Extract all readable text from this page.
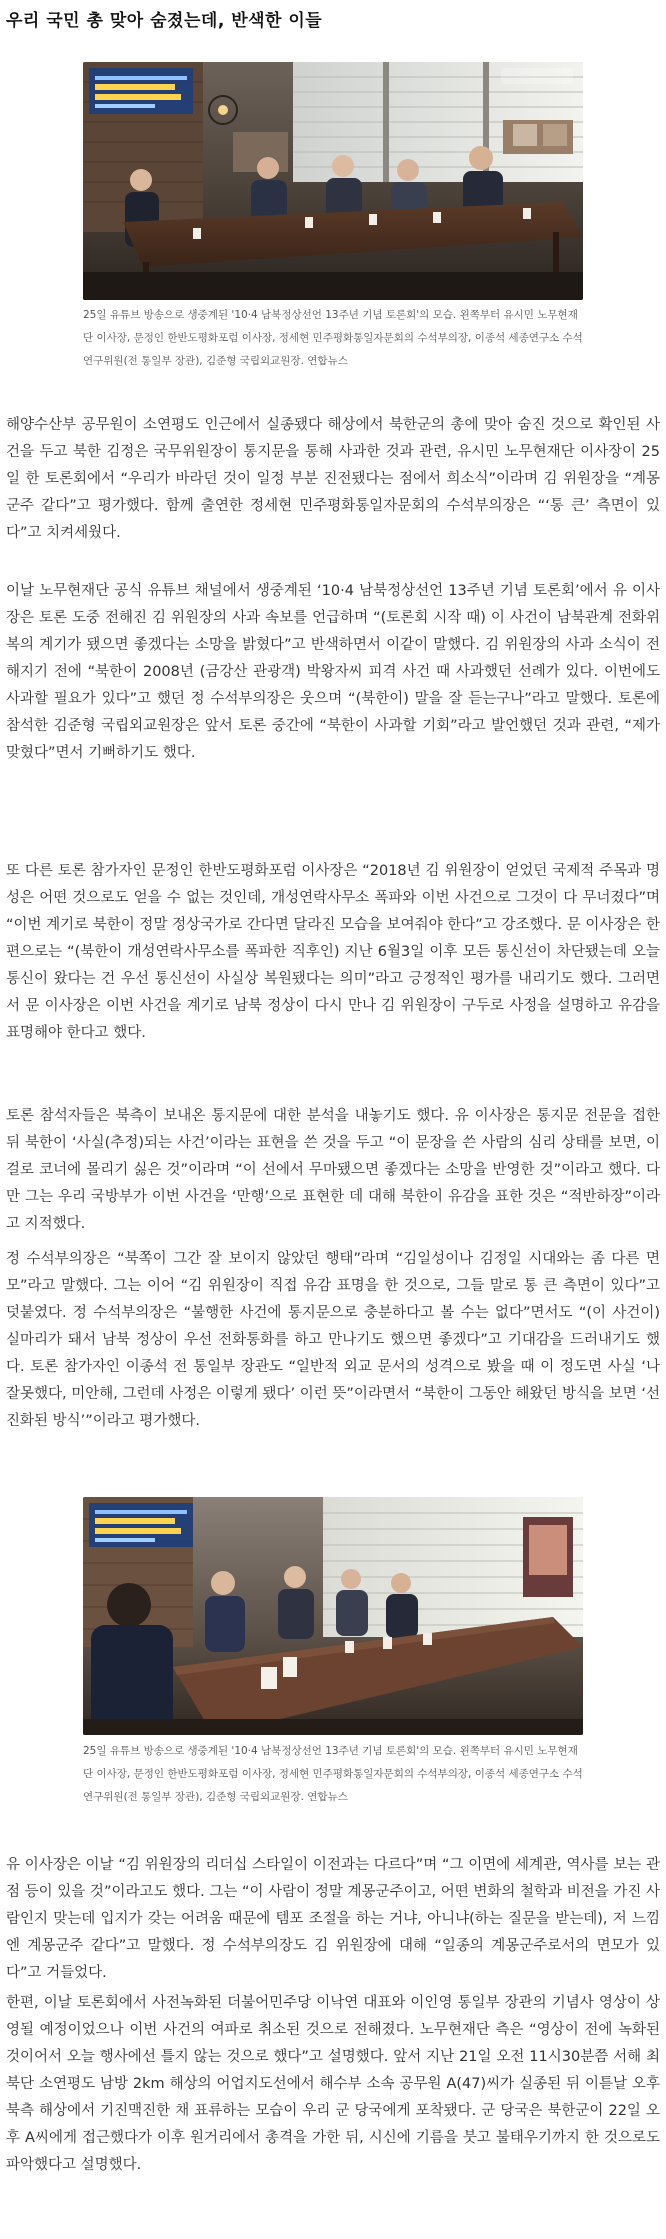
우리 국민 총 맞아 숨졌는데, 반색한 이들
25일 유튜브 방송으로 생중계된 '10·4 남북정상선언 13주년 기념 토론회'의 모습. 왼쪽부터 유시민 노무현재단 이사장, 문정인 한반도평화포럼 이사장, 정세현 민주평화통일자문회의 수석부의장, 이종석 세종연구소 수석연구위원(전 통일부 장관), 김준형 국립외교원장. 연합뉴스

해양수산부 공무원이 소연평도 인근에서 실종됐다 해상에서 북한군의 총에 맞아 숨진 것으로 확인된 사건을 두고 북한 김정은 국무위원장이 통지문을 통해 사과한 것과 관련, 유시민 노무현재단 이사장이 25일 한 토론회에서 “우리가 바라던 것이 일정 부분 진전됐다는 점에서 희소식”이라며 김 위원장을 “계몽군주 같다”고 평가했다. 함께 출연한 정세현 민주평화통일자문회의 수석부의장은 “‘통 큰’ 측면이 있다”고 치켜세웠다.

이날 노무현재단 공식 유튜브 채널에서 생중계된 ‘10·4 남북정상선언 13주년 기념 토론회’에서 유 이사장은 토론 도중 전해진 김 위원장의 사과 속보를 언급하며 “(토론회 시작 때) 이 사건이 남북관계 전화위복의 계기가 됐으면 좋겠다는 소망을 밝혔다”고 반색하면서 이같이 말했다. 김 위원장의 사과 소식이 전해지기 전에 “북한이 2008년 (금강산 관광객) 박왕자씨 피격 사건 때 사과했던 선례가 있다. 이번에도 사과할 필요가 있다”고 했던 정 수석부의장은 웃으며 “(북한이) 말을 잘 듣는구나”라고 말했다. 토론에 참석한 김준형 국립외교원장은 앞서 토론 중간에 “북한이 사과할 기회”라고 발언했던 것과 관련, “제가 맞혔다”면서 기뻐하기도 했다.

또 다른 토론 참가자인 문정인 한반도평화포럼 이사장은 “2018년 김 위원장이 얻었던 국제적 주목과 명성은 어떤 것으로도 얻을 수 없는 것인데, 개성연락사무소 폭파와 이번 사건으로 그것이 다 무너졌다”며 “이번 계기로 북한이 정말 정상국가로 간다면 달라진 모습을 보여줘야 한다”고 강조했다. 문 이사장은 한편으로는 “(북한이 개성연락사무소를 폭파한 직후인) 지난 6월3일 이후 모든 통신선이 차단됐는데 오늘 통신이 왔다는 건 우선 통신선이 사실상 복원됐다는 의미”라고 긍정적인 평가를 내리기도 했다. 그러면서 문 이사장은 이번 사건을 계기로 남북 정상이 다시 만나 김 위원장이 구두로 사정을 설명하고 유감을 표명해야 한다고 했다.

토론 참석자들은 북측이 보내온 통지문에 대한 분석을 내놓기도 했다. 유 이사장은 통지문 전문을 접한 뒤 북한이 ‘사실(추정)되는 사건’이라는 표현을 쓴 것을 두고 “이 문장을 쓴 사람의 심리 상태를 보면, 이걸로 코너에 몰리기 싫은 것”이라며 “이 선에서 무마됐으면 좋겠다는 소망을 반영한 것”이라고 했다. 다만 그는 우리 국방부가 이번 사건을 ‘만행’으로 표현한 데 대해 북한이 유감을 표한 것은 “적반하장”이라고 지적했다.

정 수석부의장은 “북쪽이 그간 잘 보이지 않았던 행태”라며 “김일성이나 김정일 시대와는 좀 다른 면모”라고 말했다. 그는 이어 “김 위원장이 직접 유감 표명을 한 것으로, 그들 말로 통 큰 측면이 있다”고 덧붙였다. 정 수석부의장은 “불행한 사건에 통지문으로 충분하다고 볼 수는 없다”면서도 “(이 사건이) 실마리가 돼서 남북 정상이 우선 전화통화를 하고 만나기도 했으면 좋겠다”고 기대감을 드러내기도 했다. 토론 참가자인 이종석 전 통일부 장관도 “일반적 외교 문서의 성격으로 봤을 때 이 정도면 사실 ‘나 잘못했다, 미안해, 그런데 사정은 이렇게 됐다’ 이런 뜻”이라면서 “북한이 그동안 해왔던 방식을 보면 ‘선진화된 방식’”이라고 평가했다.

25일 유튜브 방송으로 생중계된 '10·4 남북정상선언 13주년 기념 토론회'의 모습. 왼쪽부터 유시민 노무현재단 이사장, 문정인 한반도평화포럼 이사장, 정세현 민주평화통일자문회의 수석부의장, 이종석 세종연구소 수석연구위원(전 통일부 장관), 김준형 국립외교원장. 연합뉴스

유 이사장은 이날 “김 위원장의 리더십 스타일이 이전과는 다르다”며 “그 이면에 세계관, 역사를 보는 관점 등이 있을 것”이라고도 했다. 그는 “이 사람이 정말 계몽군주이고, 어떤 변화의 철학과 비전을 가진 사람인지 맞는데 입지가 갖는 어려움 때문에 템포 조절을 하는 거냐, 아니냐(하는 질문을 받는데), 저 느낌엔 계몽군주 같다”고 말했다. 정 수석부의장도 김 위원장에 대해 “일종의 계몽군주로서의 면모가 있다”고 거들었다.

한편, 이날 토론회에서 사전녹화된 더불어민주당 이낙연 대표와 이인영 통일부 장관의 기념사 영상이 상영될 예정이었으나 이번 사건의 여파로 취소된 것으로 전해졌다. 노무현재단 측은 “영상이 전에 녹화된 것이어서 오늘 행사에선 틀지 않는 것으로 했다”고 설명했다. 앞서 지난 21일 오전 11시30분쯤 서해 최북단 소연평도 남방 2km 해상의 어업지도선에서 해수부 소속 공무원 A(47)씨가 실종된 뒤 이튿날 오후 북측 해상에서 기진맥진한 채 표류하는 모습이 우리 군 당국에게 포착됐다. 군 당국은 북한군이 22일 오후 A씨에게 접근했다가 이후 원거리에서 총격을 가한 뒤, 시신에 기름을 붓고 불태우기까지 한 것으로도 파악했다고 설명했다.
